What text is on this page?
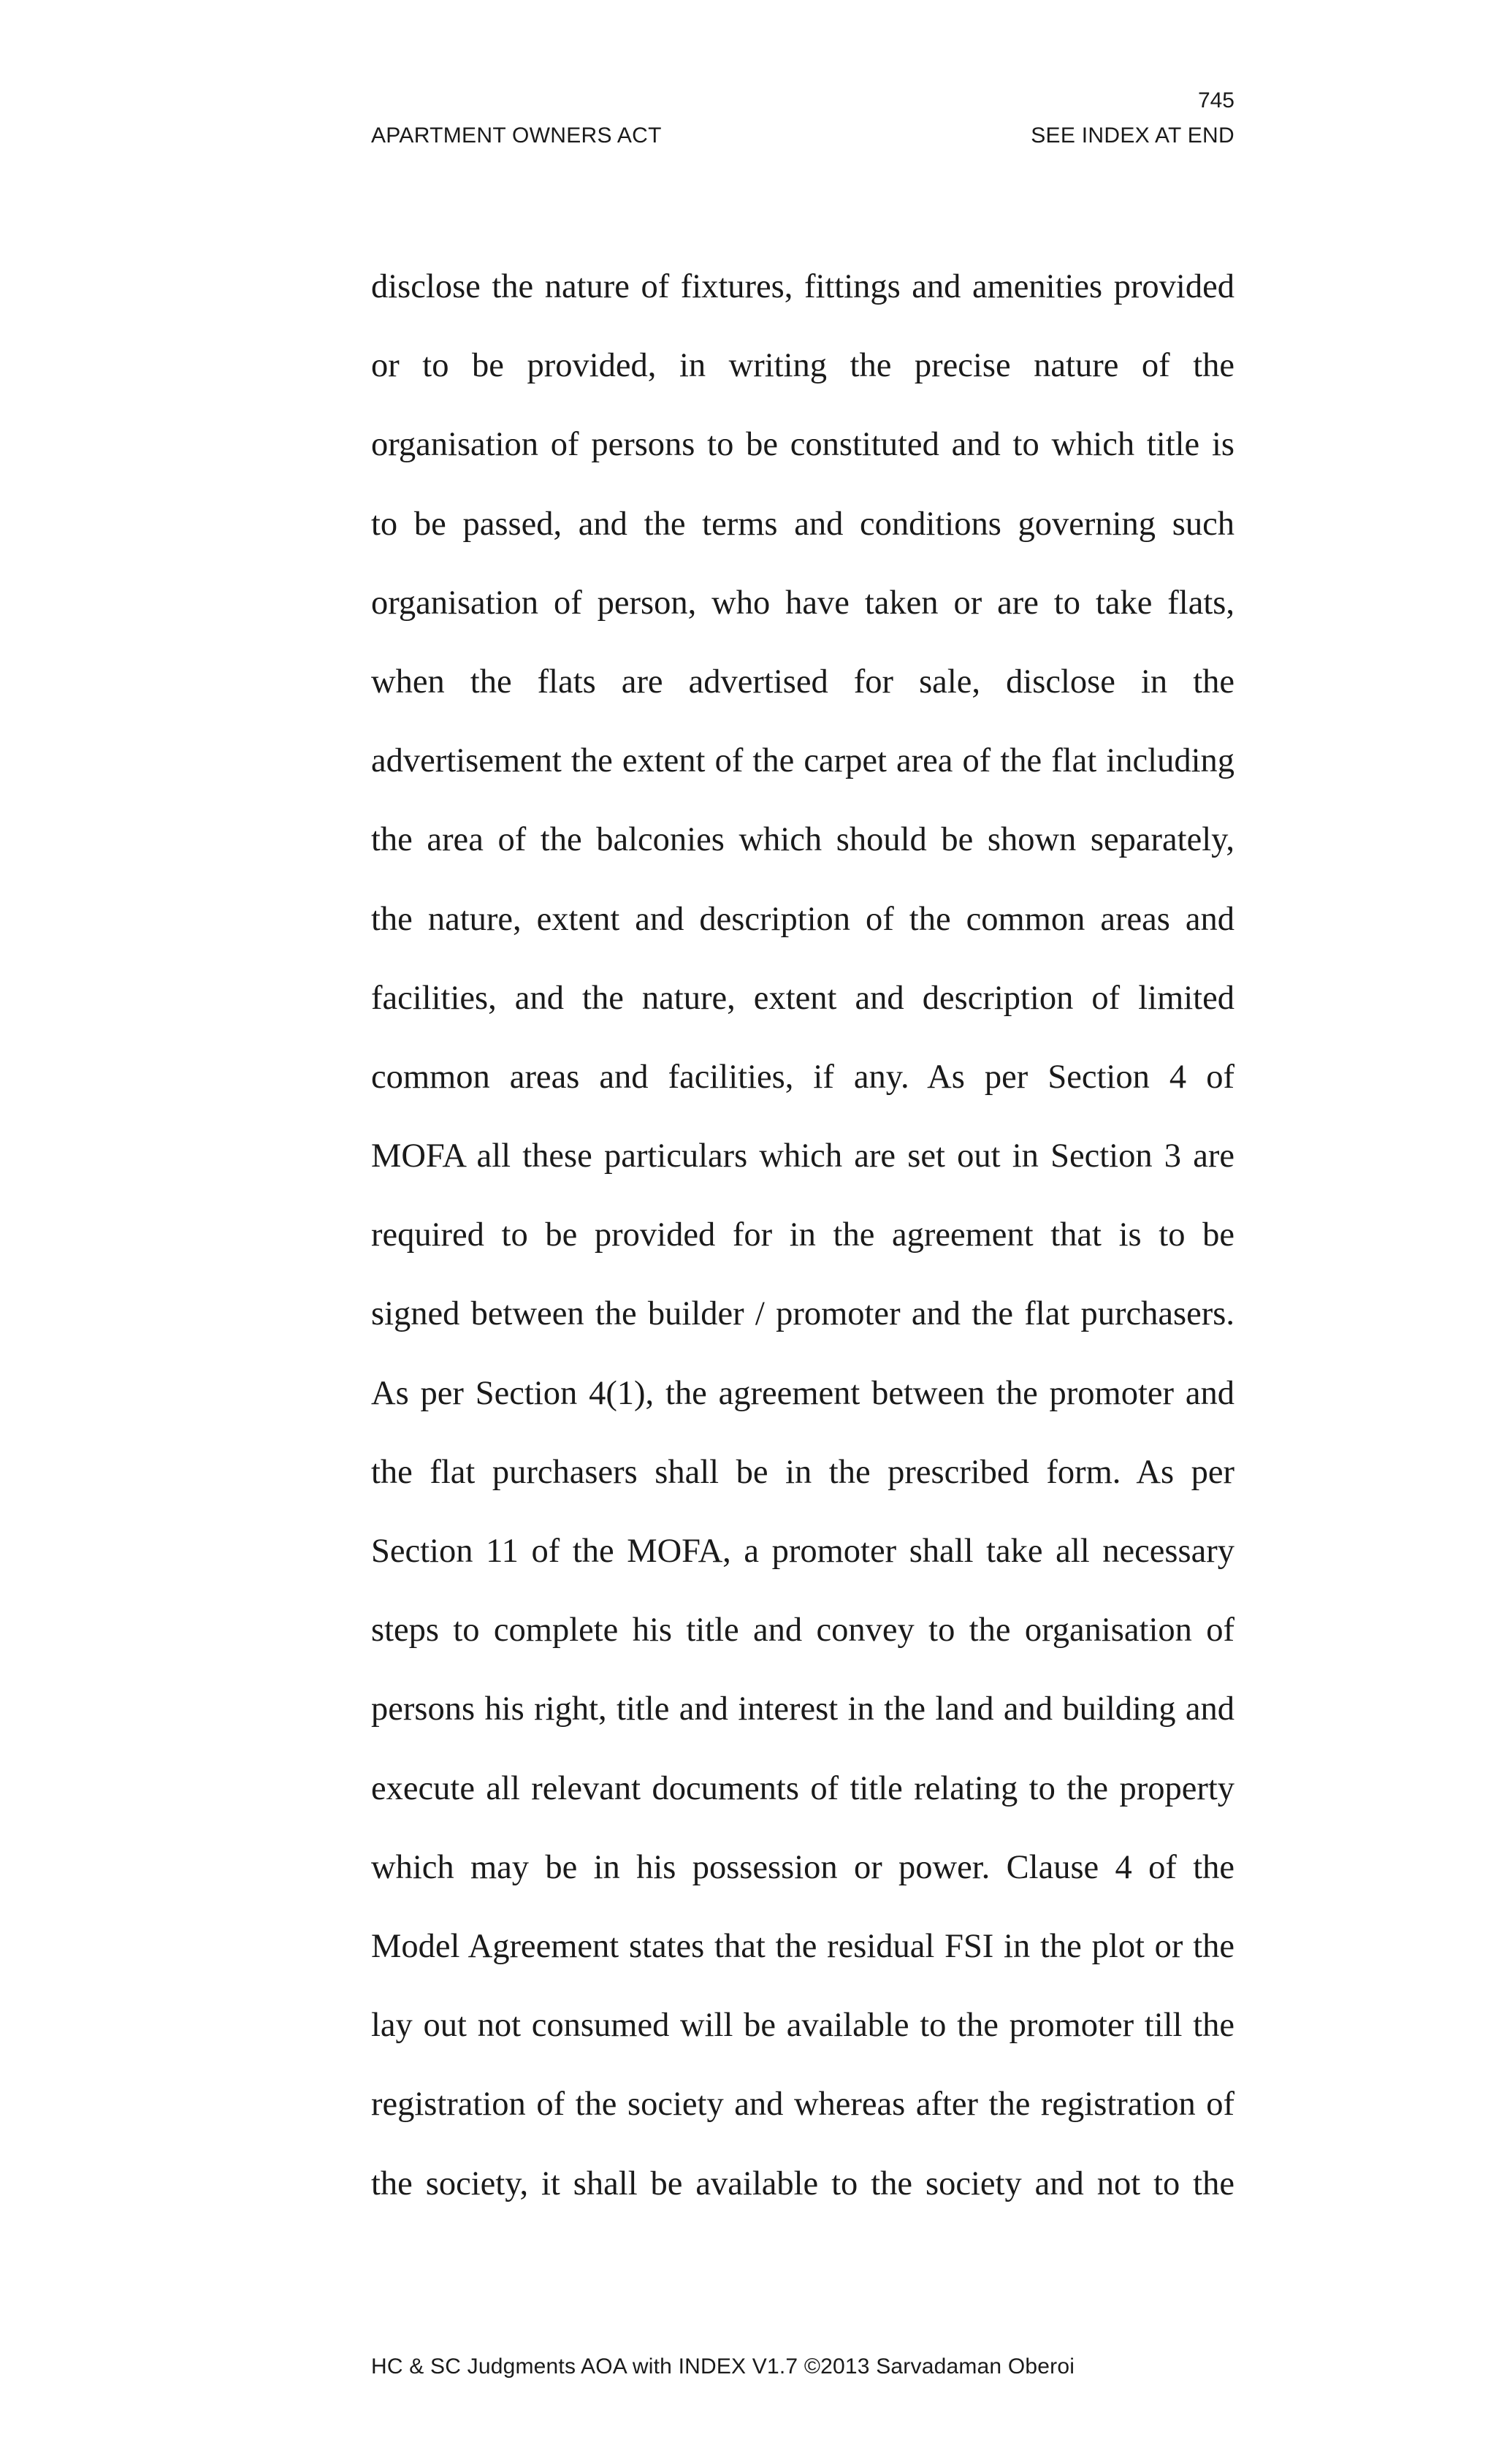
745
APARTMENT OWNERS ACT	SEE INDEX AT END
disclose the nature of fixtures, fittings and amenities provided
or to be provided, in writing the precise nature of the
organisation of persons to be constituted and to which title is
to be passed, and the terms and conditions governing such
organisation of person, who have taken or are to take flats,
when the flats are advertised for sale, disclose in the
advertisement the extent of the carpet area of the flat including
the area of the balconies which should be shown separately,
the nature, extent and description of the common areas and
facilities, and the nature, extent and description of limited
common areas and facilities, if any. As per Section 4 of
MOFA all these particulars which are set out in Section 3 are
required to be provided for in the agreement that is to be
signed between the builder / promoter and the flat purchasers.
As per Section 4(1), the agreement between the promoter and
the flat purchasers shall be in the prescribed form. As per
Section 11 of the MOFA, a promoter shall take all necessary
steps to complete his title and convey to the organisation of
persons his right, title and interest in the land and building and
execute all relevant documents of title relating to the property
which may be in his possession or power. Clause 4 of the
Model Agreement states that the residual FSI in the plot or the
lay out not consumed will be available to the promoter till the
registration of the society and whereas after the registration of
the society, it shall be available to the society and not to the
HC & SC Judgments AOA with INDEX V1.7 ©2013 Sarvadaman Oberoi
